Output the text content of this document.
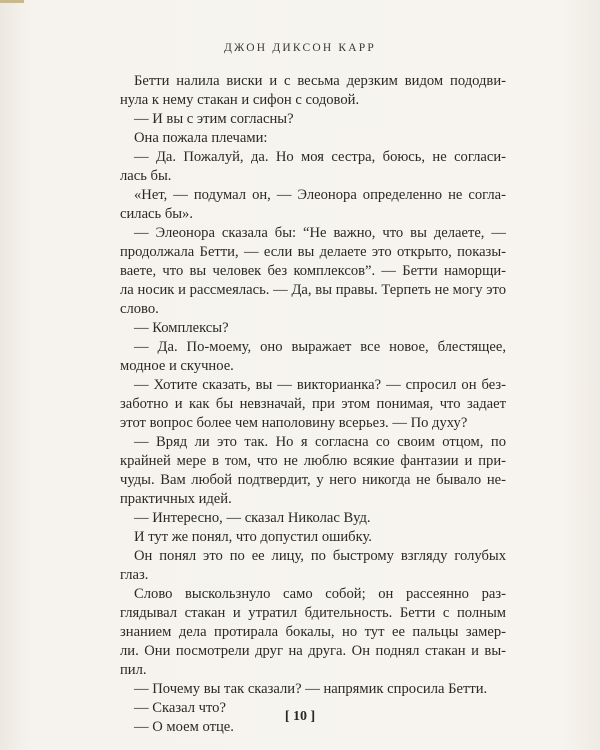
ДЖОН ДИКСОН КАРР
Бетти налила виски и с весьма дерзким видом пододви-
нула к нему стакан и сифон с содовой.
— И вы с этим согласны?
Она пожала плечами:
— Да. Пожалуй, да. Но моя сестра, боюсь, не согласи-
лась бы.
«Нет, — подумал он, — Элеонора определенно не согла-
силась бы».
— Элеонора сказала бы: “Не важно, что вы делаете, —
продолжала Бетти, — если вы делаете это открыто, показы-
ваете, что вы человек без комплексов”. — Бетти наморщи-
ла носик и рассмеялась. — Да, вы правы. Терпеть не могу это
слово.
— Комплексы?
— Да. По-моему, оно выражает все новое, блестящее,
модное и скучное.
— Хотите сказать, вы — викторианка? — спросил он без-
заботно и как бы невзначай, при этом понимая, что задает
этот вопрос более чем наполовину всерьез. — По духу?
— Вряд ли это так. Но я согласна со своим отцом, по
крайней мере в том, что не люблю всякие фантазии и при-
чуды. Вам любой подтвердит, у него никогда не бывало не-
практичных идей.
— Интересно, — сказал Николас Вуд.
И тут же понял, что допустил ошибку.
Он понял это по ее лицу, по быстрому взгляду голубых
глаз.
Слово выскользнуло само собой; он рассеянно раз-
глядывал стакан и утратил бдительность. Бетти с полным
знанием дела протирала бокалы, но тут ее пальцы замер-
ли. Они посмотрели друг на друга. Он поднял стакан и вы-
пил.
— Почему вы так сказали? — напрямик спросила Бетти.
— Сказал что?
— О моем отце.
[ 10 ]
